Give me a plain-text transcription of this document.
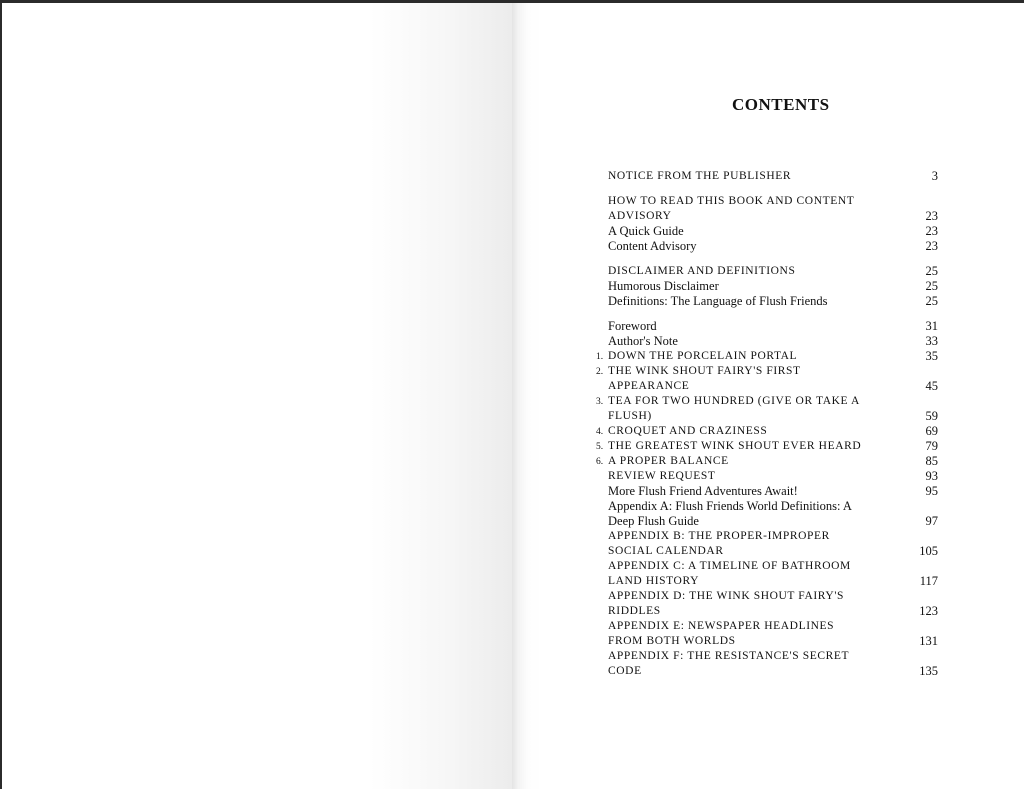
CONTENTS
NOTICE FROM THE PUBLISHER	3
HOW TO READ THIS BOOK AND CONTENT ADVISORY	23
A Quick Guide	23
Content Advisory	23
DISCLAIMER AND DEFINITIONS	25
Humorous Disclaimer	25
Definitions: The Language of Flush Friends	25
Foreword	31
Author's Note	33
1. DOWN THE PORCELAIN PORTAL	35
2. THE WINK SHOUT FAIRY'S FIRST APPEARANCE	45
3. TEA FOR TWO HUNDRED (GIVE OR TAKE A FLUSH)	59
4. CROQUET AND CRAZINESS	69
5. THE GREATEST WINK SHOUT EVER HEARD	79
6. A PROPER BALANCE	85
REVIEW REQUEST	93
More Flush Friend Adventures Await!	95
Appendix A: Flush Friends World Definitions: A Deep Flush Guide	97
APPENDIX B: THE PROPER-IMPROPER SOCIAL CALENDAR	105
APPENDIX C: A TIMELINE OF BATHROOM LAND HISTORY	117
APPENDIX D: THE WINK SHOUT FAIRY'S RIDDLES	123
APPENDIX E: NEWSPAPER HEADLINES FROM BOTH WORLDS	131
APPENDIX F: THE RESISTANCE'S SECRET CODE	135
